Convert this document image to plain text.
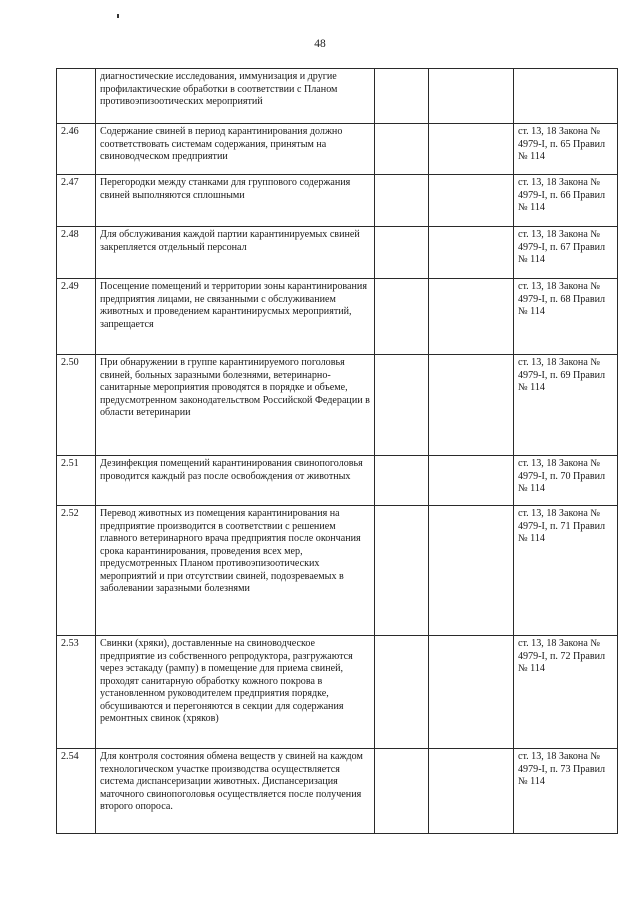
48
	диагностические исследования, иммунизация и другие профилактические обработки в соответствии с Планом противоэпизоотических мероприятий			
2.46	Содержание свиней в период карантинирования должно соответствовать системам содержания, принятым на свиноводческом предприятии			ст. 13, 18 Закона № 4979-I, п. 65 Правил № 114
2.47	Перегородки между станками для группового содержания свиней выполняются сплошными			ст. 13, 18 Закона № 4979-I, п. 66 Правил № 114
2.48	Для обслуживания каждой партии карантинируемых свиней закрепляется отдельный персонал			ст. 13, 18 Закона № 4979-I, п. 67 Правил № 114
2.49	Посещение помещений и территории зоны карантинирования предприятия лицами, не связанными с обслуживанием животных и проведением карантинирусмых мероприятий, запрещается			ст. 13, 18 Закона № 4979-I, п. 68 Правил № 114
2.50	При обнаружении в группе карантинируемого поголовья свиней, больных заразными болезнями, ветеринарно-санитарные мероприятия проводятся в порядке и объеме, предусмотренном законодательством Российской Федерации в области ветеринарии			ст. 13, 18 Закона № 4979-I, п. 69 Правил № 114
2.51	Дезинфекция помещений карантинирования свинопоголовья проводится каждый раз после освобождения от животных			ст. 13, 18 Закона № 4979-I, п. 70 Правил № 114
2.52	Перевод животных из помещения карантинирования на предприятие производится в соответствии с решением главного ветеринарного врача предприятия после окончания срока карантинирования, проведения всех мер, предусмотренных Планом противоэпизоотических мероприятий и при отсутствии свиней, подозреваемых в заболевании заразными болезнями			ст. 13, 18 Закона № 4979-I, п. 71 Правил № 114
2.53	Свинки (хряки), доставленные на свиноводческое предприятие из собственного репродуктора, разгружаются через эстакаду (рампу) в помещение для приема свиней, проходят санитарную обработку кожного покрова в установленном руководителем предприятия порядке, обсушиваются и перегоняются в секции для содержания ремонтных свинок (хряков)			ст. 13, 18 Закона № 4979-I, п. 72 Правил № 114
2.54	Для контроля состояния обмена веществ у свиней на каждом технологическом участке производства осуществляется система диспансеризации животных. Диспансеризация маточного свинопоголовья осуществляется после получения второго опороса.			ст. 13, 18 Закона № 4979-I, п. 73 Правил № 114
